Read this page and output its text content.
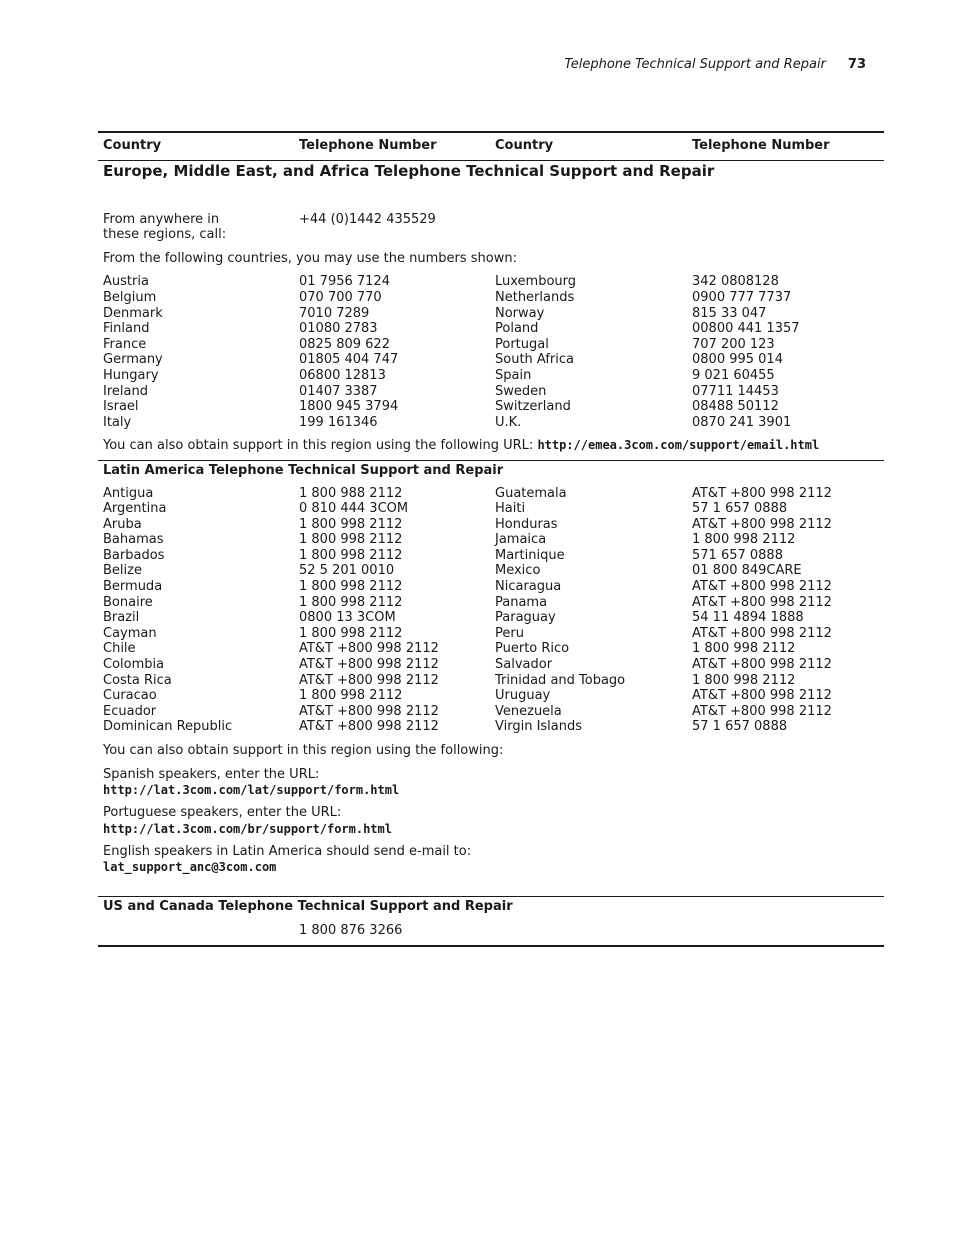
Telephone Technical Support and Repair 73
Country	Telephone Number	Country	Telephone Number
Europe, Middle East, and Africa Telephone Technical Support and Repair
From anywhere in these regions, call:
+44 (0)1442 435529
From the following countries, you may use the numbers shown:
Austria	01 7956 7124	Luxembourg	342 0808128
Belgium	070 700 770	Netherlands	0900 777 7737
Denmark	7010 7289	Norway	815 33 047
Finland	01080 2783	Poland	00800 441 1357
France	0825 809 622	Portugal	707 200 123
Germany	01805 404 747	South Africa	0800 995 014
Hungary	06800 12813	Spain	9 021 60455
Ireland	01407 3387	Sweden	07711 14453
Israel	1800 945 3794	Switzerland	08488 50112
Italy	199 161346	U.K.	0870 241 3901
You can also obtain support in this region using the following URL: http://emea.3com.com/support/email.html
Latin America Telephone Technical Support and Repair
Antigua	1 800 988 2112	Guatemala	AT&T +800 998 2112
Argentina	0 810 444 3COM	Haiti	57 1 657 0888
Aruba	1 800 998 2112	Honduras	AT&T +800 998 2112
Bahamas	1 800 998 2112	Jamaica	1 800 998 2112
Barbados	1 800 998 2112	Martinique	571 657 0888
Belize	52 5 201 0010	Mexico	01 800 849CARE
Bermuda	1 800 998 2112	Nicaragua	AT&T +800 998 2112
Bonaire	1 800 998 2112	Panama	AT&T +800 998 2112
Brazil	0800 13 3COM	Paraguay	54 11 4894 1888
Cayman	1 800 998 2112	Peru	AT&T +800 998 2112
Chile	AT&T +800 998 2112	Puerto Rico	1 800 998 2112
Colombia	AT&T +800 998 2112	Salvador	AT&T +800 998 2112
Costa Rica	AT&T +800 998 2112	Trinidad and Tobago	1 800 998 2112
Curacao	1 800 998 2112	Uruguay	AT&T +800 998 2112
Ecuador	AT&T +800 998 2112	Venezuela	AT&T +800 998 2112
Dominican Republic	AT&T +800 998 2112	Virgin Islands	57 1 657 0888
You can also obtain support in this region using the following:
Spanish speakers, enter the URL:
http://lat.3com.com/lat/support/form.html
Portuguese speakers, enter the URL:
http://lat.3com.com/br/support/form.html
English speakers in Latin America should send e-mail to:
lat_support_anc@3com.com
US and Canada Telephone Technical Support and Repair
1 800 876 3266
